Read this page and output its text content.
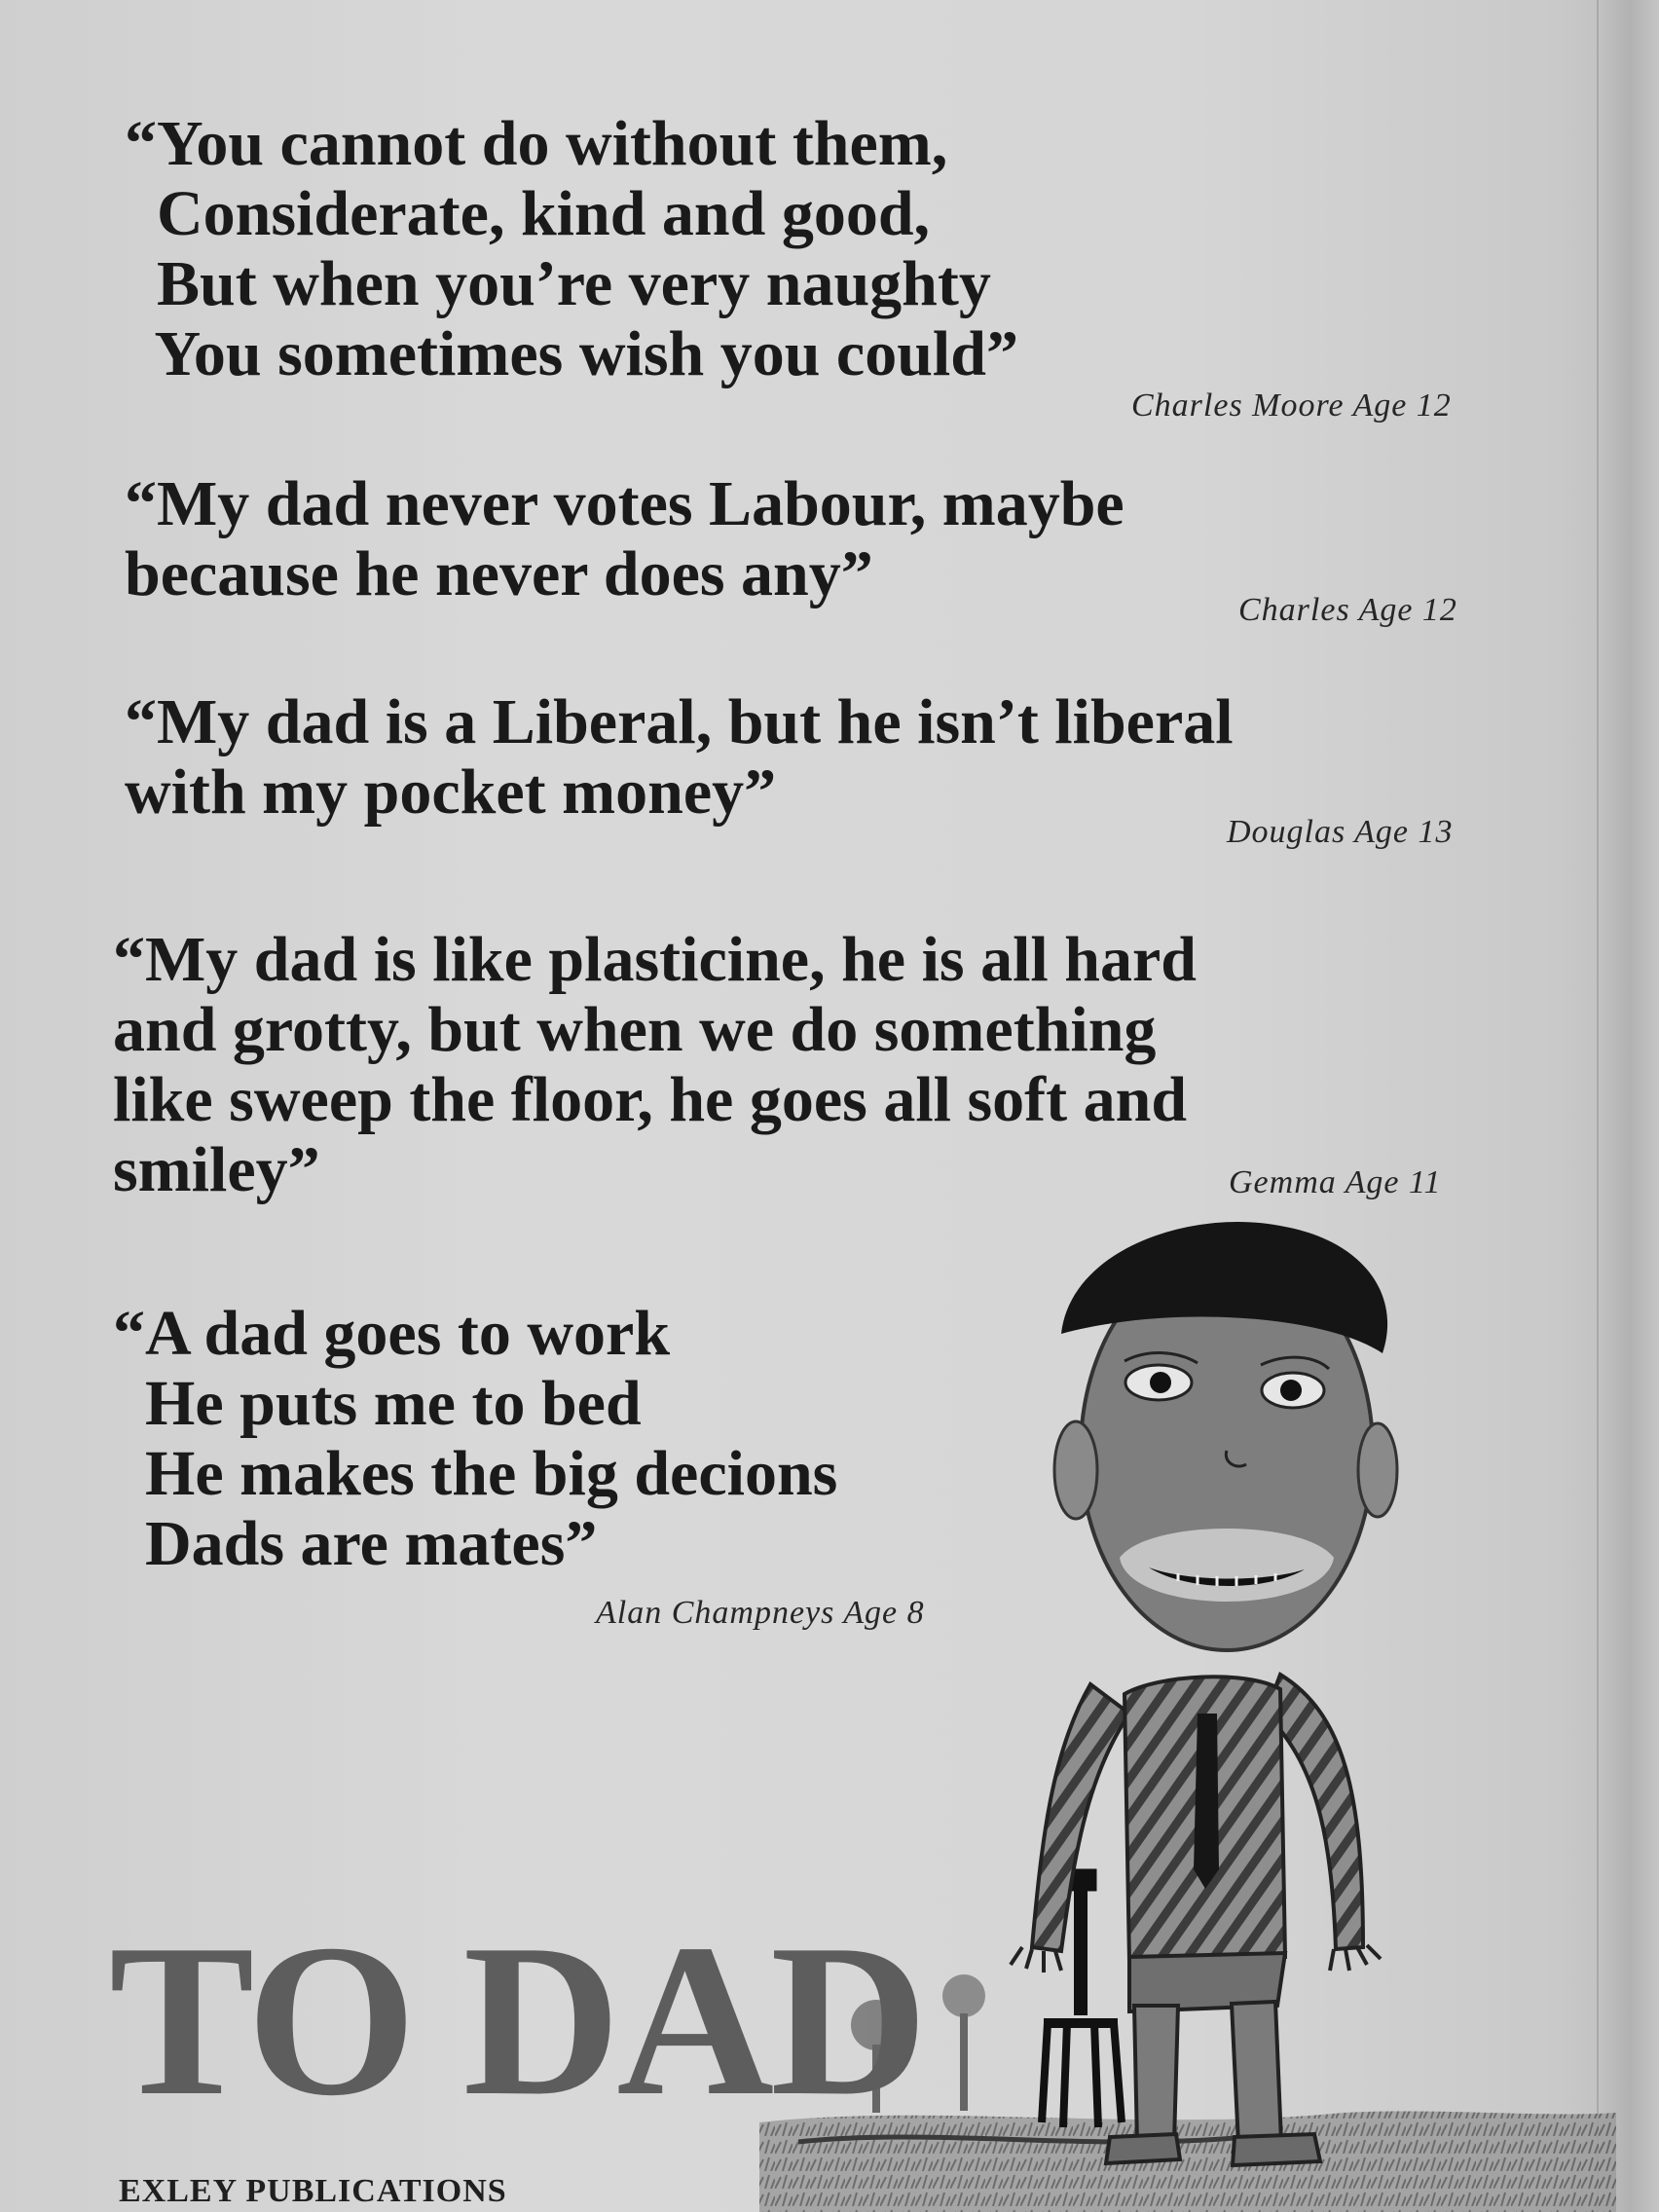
“You cannot do without them,
Considerate, kind and good,
But when you’re very naughty
You sometimes wish you could”

Charles Moore Age 12

“My dad never votes Labour, maybe
because he never does any”

Charles Age 12

“My dad is a Liberal, but he isn’t liberal
with my pocket money”

Douglas Age 13

“My dad is like plasticine, he is all hard
and grotty, but when we do something
like sweep the floor, he goes all soft and
smiley”	Gemma Age 11

“A dad goes to work
He puts me to bed
He makes the big decions
Dads are mates”

Alan Champneys Age 8

TO DAD

EXLEY PUBLICATIONS
